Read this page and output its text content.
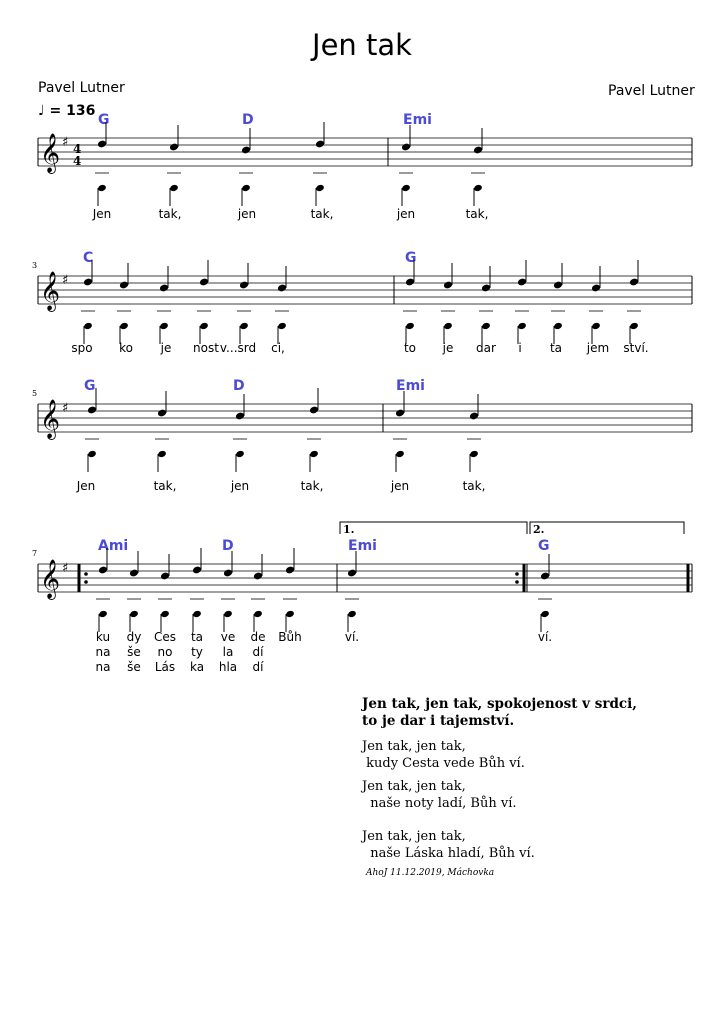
Jen tak
Pavel Lutner	Pavel Lutner
♩ = 136
𝄞 ♯
G	D	Emi
Jen	tak,	jen	tak,	jen	tak,
𝄞 ♯
3	C	G
spo ko je nost v...srd ci,	to je dar i ta jem ství.
𝄞 ♯
5	G	D	Emi
Jen	tak,	jen	tak,	jen	tak,
𝄞 ♯
7	Ami	D	Emi	G
ku dy Ces ta ve de Bůh	ví.	ví.
na še no ty la dí
na še Lás ka hla dí
4
4
1.	2.
Jen tak, jen tak, spokojenost v srdci,
to je dar i tajemství.
Jen tak, jen tak,
kudy Cesta vede Bůh ví.
Jen tak, jen tak,
naše noty ladí, Bůh ví.
Jen tak, jen tak,
naše Láska hladí, Bůh ví.
AhoJ 11.12.2019, Máchovka
